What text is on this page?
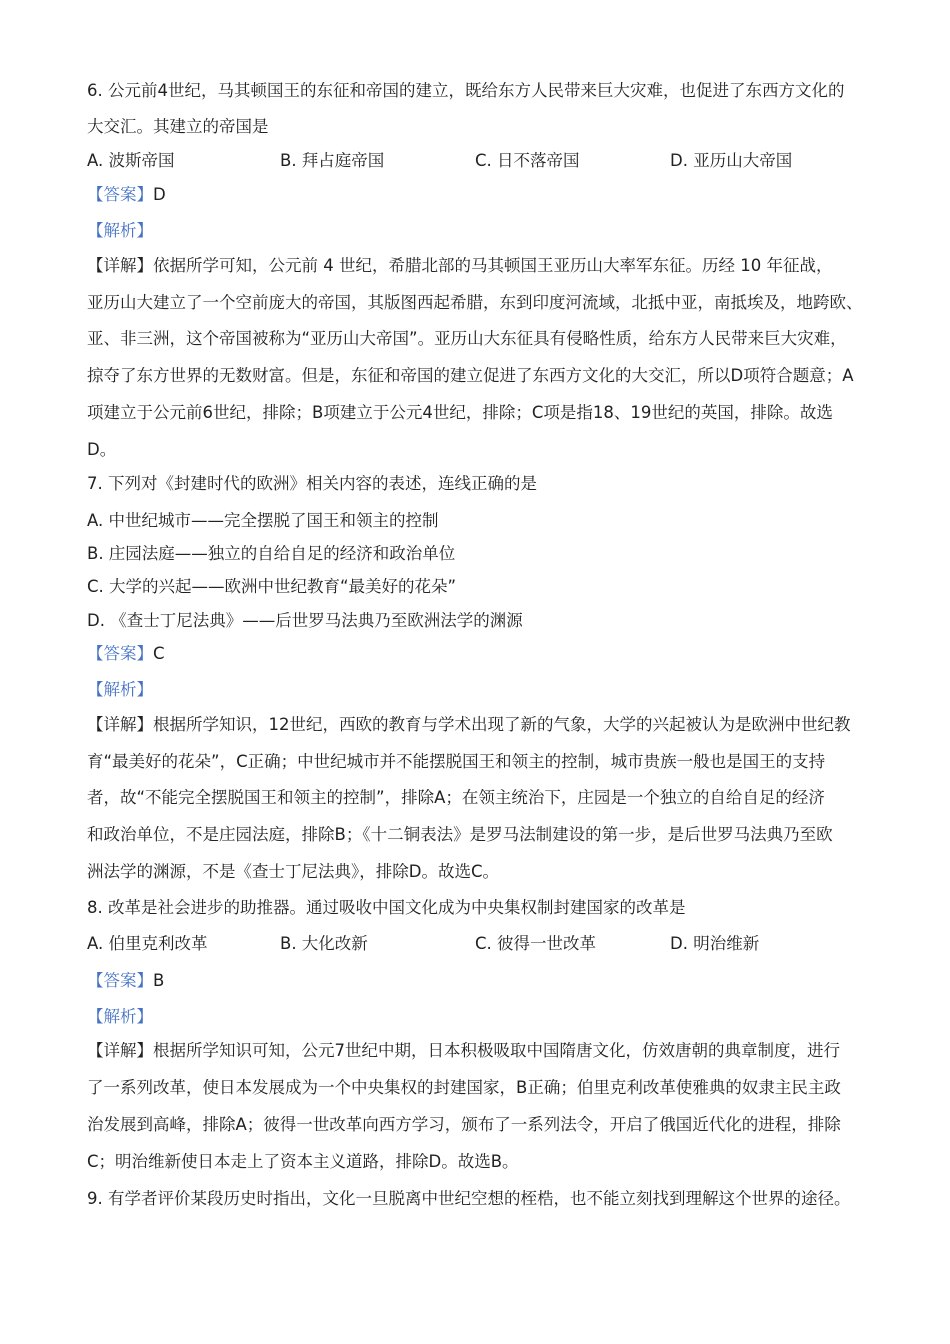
6. 公元前4世纪，马其顿国王的东征和帝国的建立，既给东方人民带来巨大灾难，也促进了东西方文化的
大交汇。其建立的帝国是
A. 波斯帝国	B. 拜占庭帝国	C. 日不落帝国	D. 亚历山大帝国
【答案】D
【解析】
【详解】依据所学可知，公元前 4 世纪，希腊北部的马其顿国王亚历山大率军东征。历经 10 年征战，
亚历山大建立了一个空前庞大的帝国，其版图西起希腊，东到印度河流域，北抵中亚，南抵埃及，地跨欧、
亚、非三洲，这个帝国被称为“亚历山大帝国”。亚历山大东征具有侵略性质，给东方人民带来巨大灾难，
掠夺了东方世界的无数财富。但是，东征和帝国的建立促进了东西方文化的大交汇，所以D项符合题意；A
项建立于公元前6世纪，排除；B项建立于公元4世纪，排除；C项是指18、19世纪的英国，排除。故选
D。
7. 下列对《封建时代的欧洲》相关内容的表述，连线正确的是
A. 中世纪城市——完全摆脱了国王和领主的控制
B. 庄园法庭——独立的自给自足的经济和政治单位
C. 大学的兴起——欧洲中世纪教育“最美好的花朵”
D. 《查士丁尼法典》——后世罗马法典乃至欧洲法学的渊源
【答案】C
【解析】
【详解】根据所学知识，12世纪，西欧的教育与学术出现了新的气象，大学的兴起被认为是欧洲中世纪教
育“最美好的花朵”，C正确；中世纪城市并不能摆脱国王和领主的控制，城市贵族一般也是国王的支持
者，故“不能完全摆脱国王和领主的控制”，排除A；在领主统治下，庄园是一个独立的自给自足的经济
和政治单位，不是庄园法庭，排除B；《十二铜表法》是罗马法制建设的第一步，是后世罗马法典乃至欧
洲法学的渊源，不是《查士丁尼法典》，排除D。故选C。
8. 改革是社会进步的助推器。通过吸收中国文化成为中央集权制封建国家的改革是
A. 伯里克利改革	B. 大化改新	C. 彼得一世改革	D. 明治维新
【答案】B
【解析】
【详解】根据所学知识可知，公元7世纪中期，日本积极吸取中国隋唐文化，仿效唐朝的典章制度，进行
了一系列改革，使日本发展成为一个中央集权的封建国家，B正确；伯里克利改革使雅典的奴隶主民主政
治发展到高峰，排除A；彼得一世改革向西方学习，颁布了一系列法令，开启了俄国近代化的进程，排除
C；明治维新使日本走上了资本主义道路，排除D。故选B。
9. 有学者评价某段历史时指出，文化一旦脱离中世纪空想的桎梏，也不能立刻找到理解这个世界的途径。
